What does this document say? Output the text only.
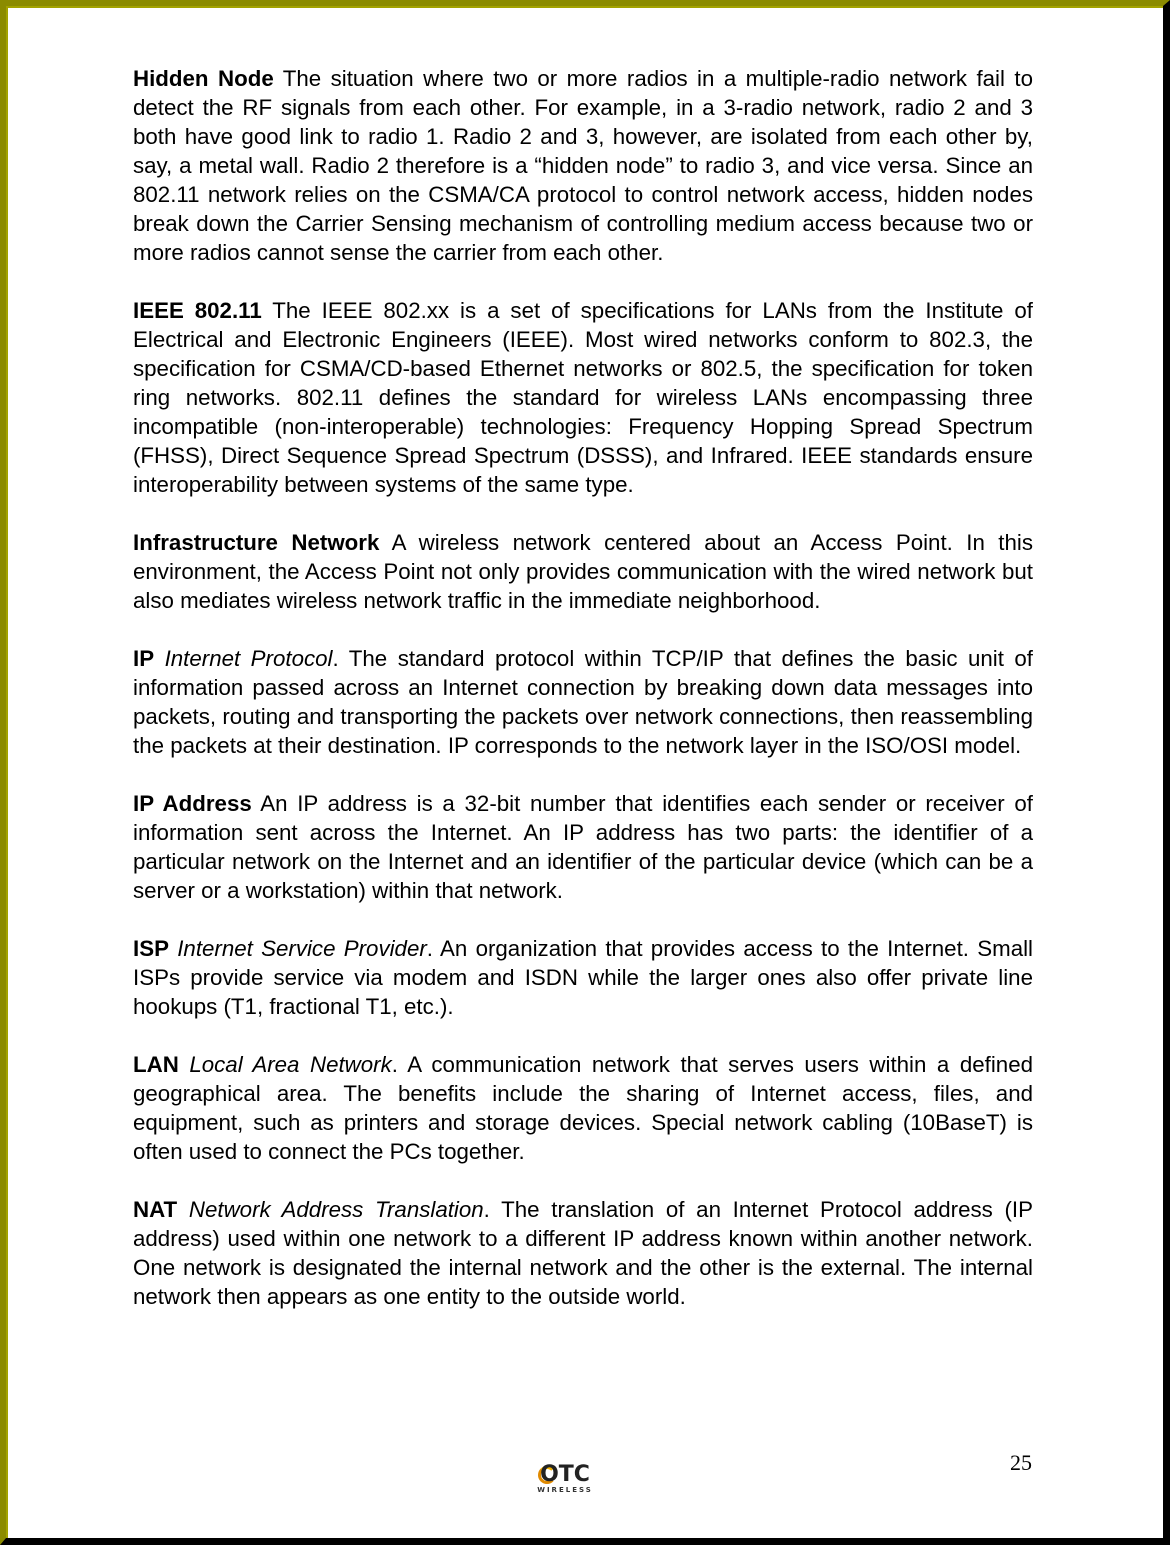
Hidden Node The situation where two or more radios in a multiple-radio network fail to detect the RF signals from each other. For example, in a 3-radio network, radio 2 and 3 both have good link to radio 1. Radio 2 and 3, however, are isolated from each other by, say, a metal wall. Radio 2 therefore is a “hidden node” to radio 3, and vice versa. Since an 802.11 network relies on the CSMA/CA protocol to control network access, hidden nodes break down the Carrier Sensing mechanism of controlling medium access because two or more radios cannot sense the carrier from each other.

IEEE 802.11 The IEEE 802.xx is a set of specifications for LANs from the Institute of Electrical and Electronic Engineers (IEEE). Most wired networks conform to 802.3, the specification for CSMA/CD-based Ethernet networks or 802.5, the specification for token ring networks. 802.11 defines the standard for wireless LANs encompassing three incompatible (non-interoperable) technologies: Frequency Hopping Spread Spectrum (FHSS), Direct Sequence Spread Spectrum (DSSS), and Infrared. IEEE standards ensure interoperability between systems of the same type.

Infrastructure Network A wireless network centered about an Access Point. In this environment, the Access Point not only provides communication with the wired network but also mediates wireless network traffic in the immediate neighborhood.

IP Internet Protocol. The standard protocol within TCP/IP that defines the basic unit of information passed across an Internet connection by breaking down data messages into packets, routing and transporting the packets over network connections, then reassembling the packets at their destination. IP corresponds to the network layer in the ISO/OSI model.

IP Address An IP address is a 32-bit number that identifies each sender or receiver of information sent across the Internet. An IP address has two parts: the identifier of a particular network on the Internet and an identifier of the particular device (which can be a server or a workstation) within that network.

ISP Internet Service Provider. An organization that provides access to the Internet. Small ISPs provide service via modem and ISDN while the larger ones also offer private line hookups (T1, fractional T1, etc.).

LAN Local Area Network. A communication network that serves users within a defined geographical area. The benefits include the sharing of Internet access, files, and equipment, such as printers and storage devices. Special network cabling (10BaseT) is often used to connect the PCs together.

NAT Network Address Translation. The translation of an Internet Protocol address (IP address) used within one network to a different IP address known within another network. One network is designated the internal network and the other is the external. The internal network then appears as one entity to the outside world.

25
OTC
WIRELESS
